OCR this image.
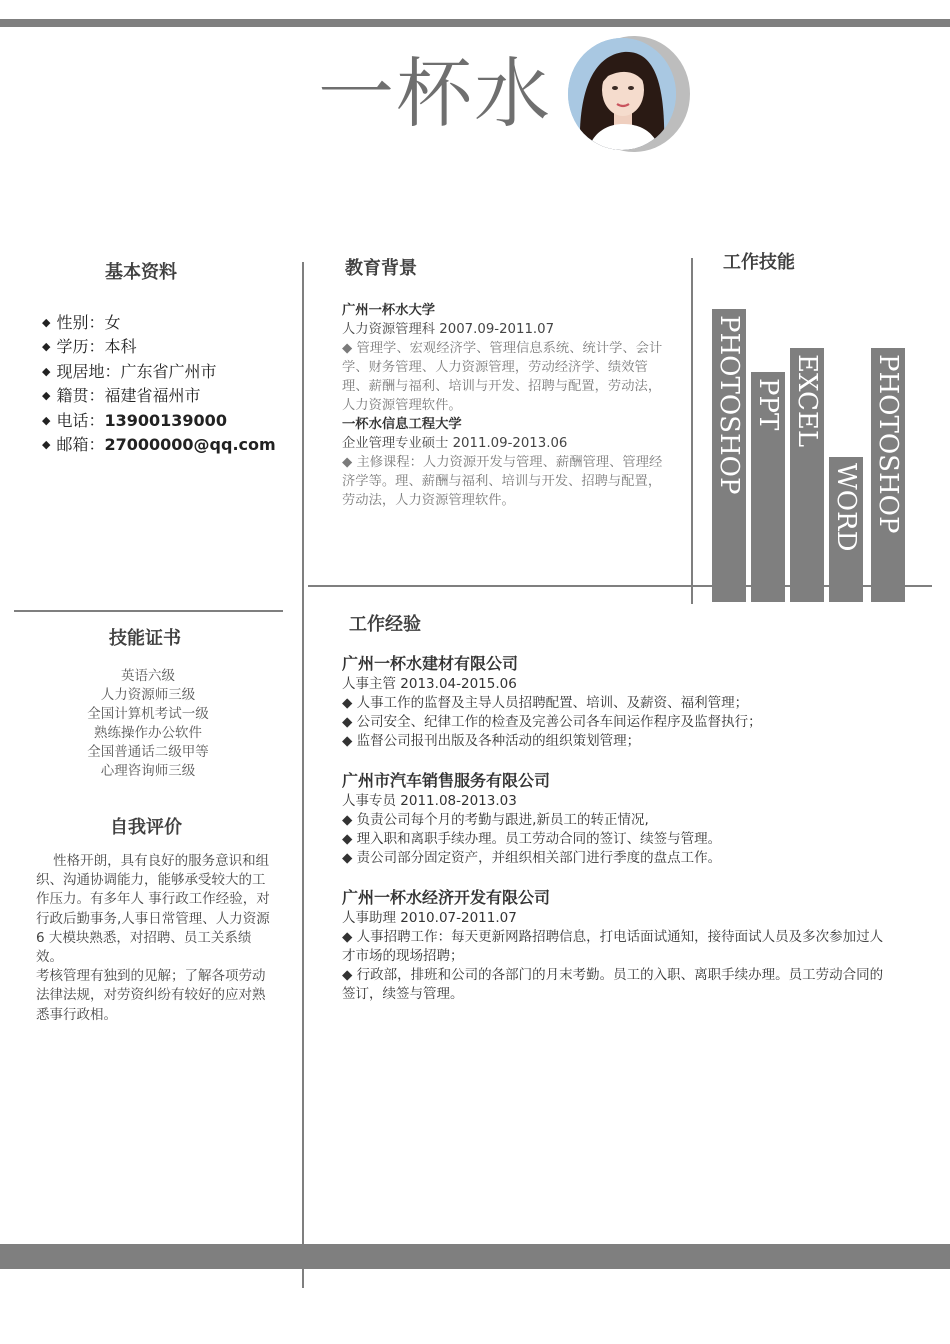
一杯水
基本资料	教育背景	工作技能
技能证书
自我评价
工作经验
◆ 性别：女
◆ 学历：本科
◆ 现居地：广东省广州市
◆ 籍贯：福建省福州市
◆ 电话：13900139000
◆ 邮箱：27000000@qq.com
广州一杯水大学
人力资源管理科 2007.09-2011.07
◆ 管理学、宏观经济学、管理信息系统、统计学、会计学、财务管理、人力资源管理，劳动经济学、绩效管理、薪酬与福利、培训与开发、招聘与配置，劳动法，人力资源管理软件。
一杯水信息工程大学
企业管理专业硕士 2011.09-2013.06
◆ 主修课程：人力资源开发与管理、薪酬管理、管理经济学等。理、薪酬与福利、培训与开发、招聘与配置，劳动法，人力资源管理软件。
PHOTOSHOP PPT EXCEL
WORD PHOTOSHOP
英语六级
人力资源师三级
全国计算机考试一级
熟练操作办公软件
全国普通话二级甲等
心理咨询师三级
性格开朗，具有良好的服务意识和组织、沟通协调能力，能够承受较大的工作压力。有多年人 事行政工作经验，对行政后勤事务,人事日常管理、人力资源 6 大模块熟悉，对招聘、员工关系绩效。
考核管理有独到的见解；了解各项劳动法律法规，对劳资纠纷有较好的应对熟悉事行政相。
广州一杯水建材有限公司
人事主管 2013.04-2015.06
◆ 人事工作的监督及主导人员招聘配置、培训、及薪资、福利管理；
◆ 公司安全、纪律工作的检查及完善公司各车间运作程序及监督执行；
◆ 监督公司报刊出版及各种活动的组织策划管理；
广州市汽车销售服务有限公司
人事专员 2011.08-2013.03
◆ 负责公司每个月的考勤与跟进,新员工的转正情况,
◆ 理入职和离职手续办理。员工劳动合同的签订、续签与管理。
◆ 责公司部分固定资产，并组织相关部门进行季度的盘点工作。
广州一杯水经济开发有限公司
人事助理 2010.07-2011.07
◆ 人事招聘工作：每天更新网路招聘信息，打电话面试通知，接待面试人员及多次参加过人才市场的现场招聘；
◆ 行政部，排班和公司的各部门的月末考勤。员工的入职、离职手续办理。员工劳动合同的签订，续签与管理。
